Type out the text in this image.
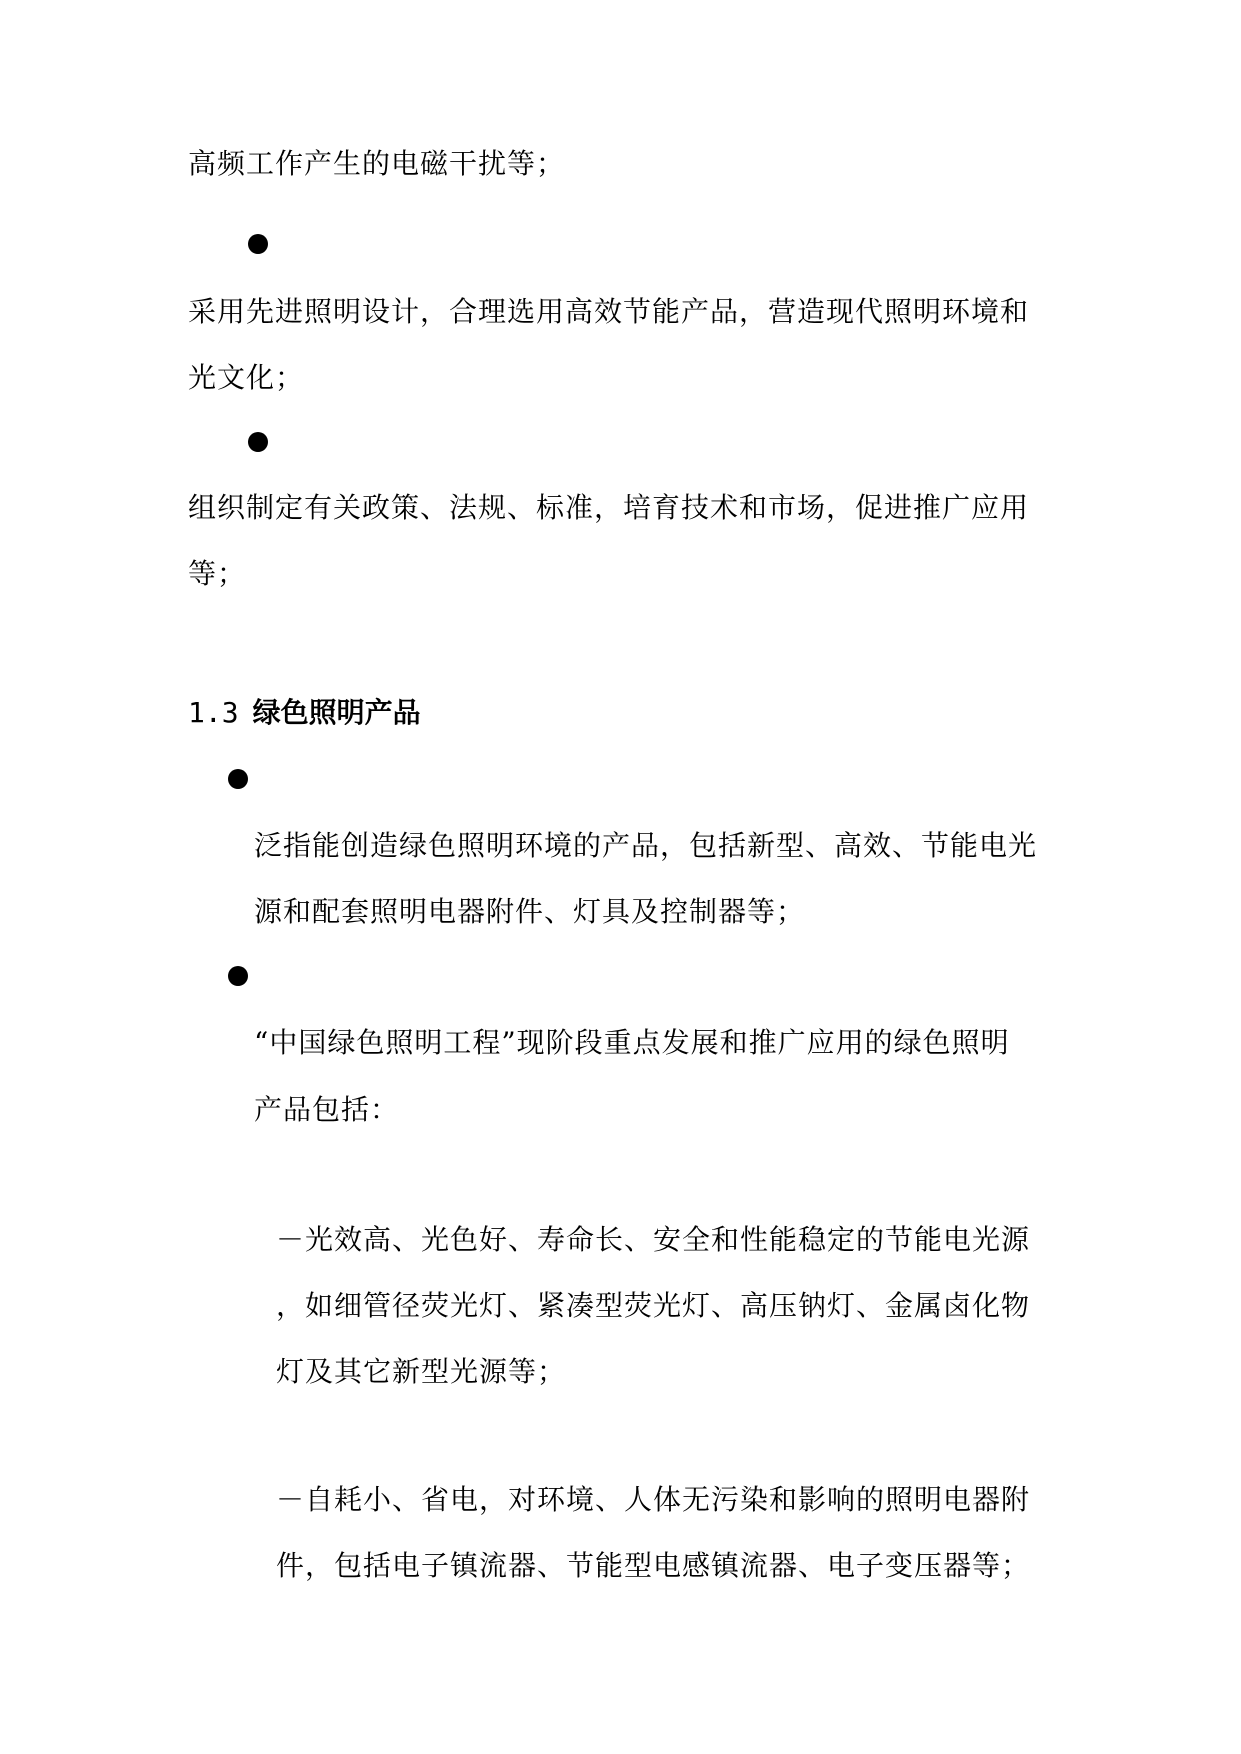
高频工作产生的电磁干扰等；
采用先进照明设计，合理选用高效节能产品，营造现代照明环境和
光文化；
组织制定有关政策、法规、标准，培育技术和市场，促进推广应用
等；
1.3 绿色照明产品
泛指能创造绿色照明环境的产品，包括新型、高效、节能电光
源和配套照明电器附件、灯具及控制器等；
“中国绿色照明工程”现阶段重点发展和推广应用的绿色照明
产品包括：
－光效高、光色好、寿命长、安全和性能稳定的节能电光源
，如细管径荧光灯、紧凑型荧光灯、高压钠灯、金属卤化物
灯及其它新型光源等；
－自耗小、省电，对环境、人体无污染和影响的照明电器附
件，包括电子镇流器、节能型电感镇流器、电子变压器等；
